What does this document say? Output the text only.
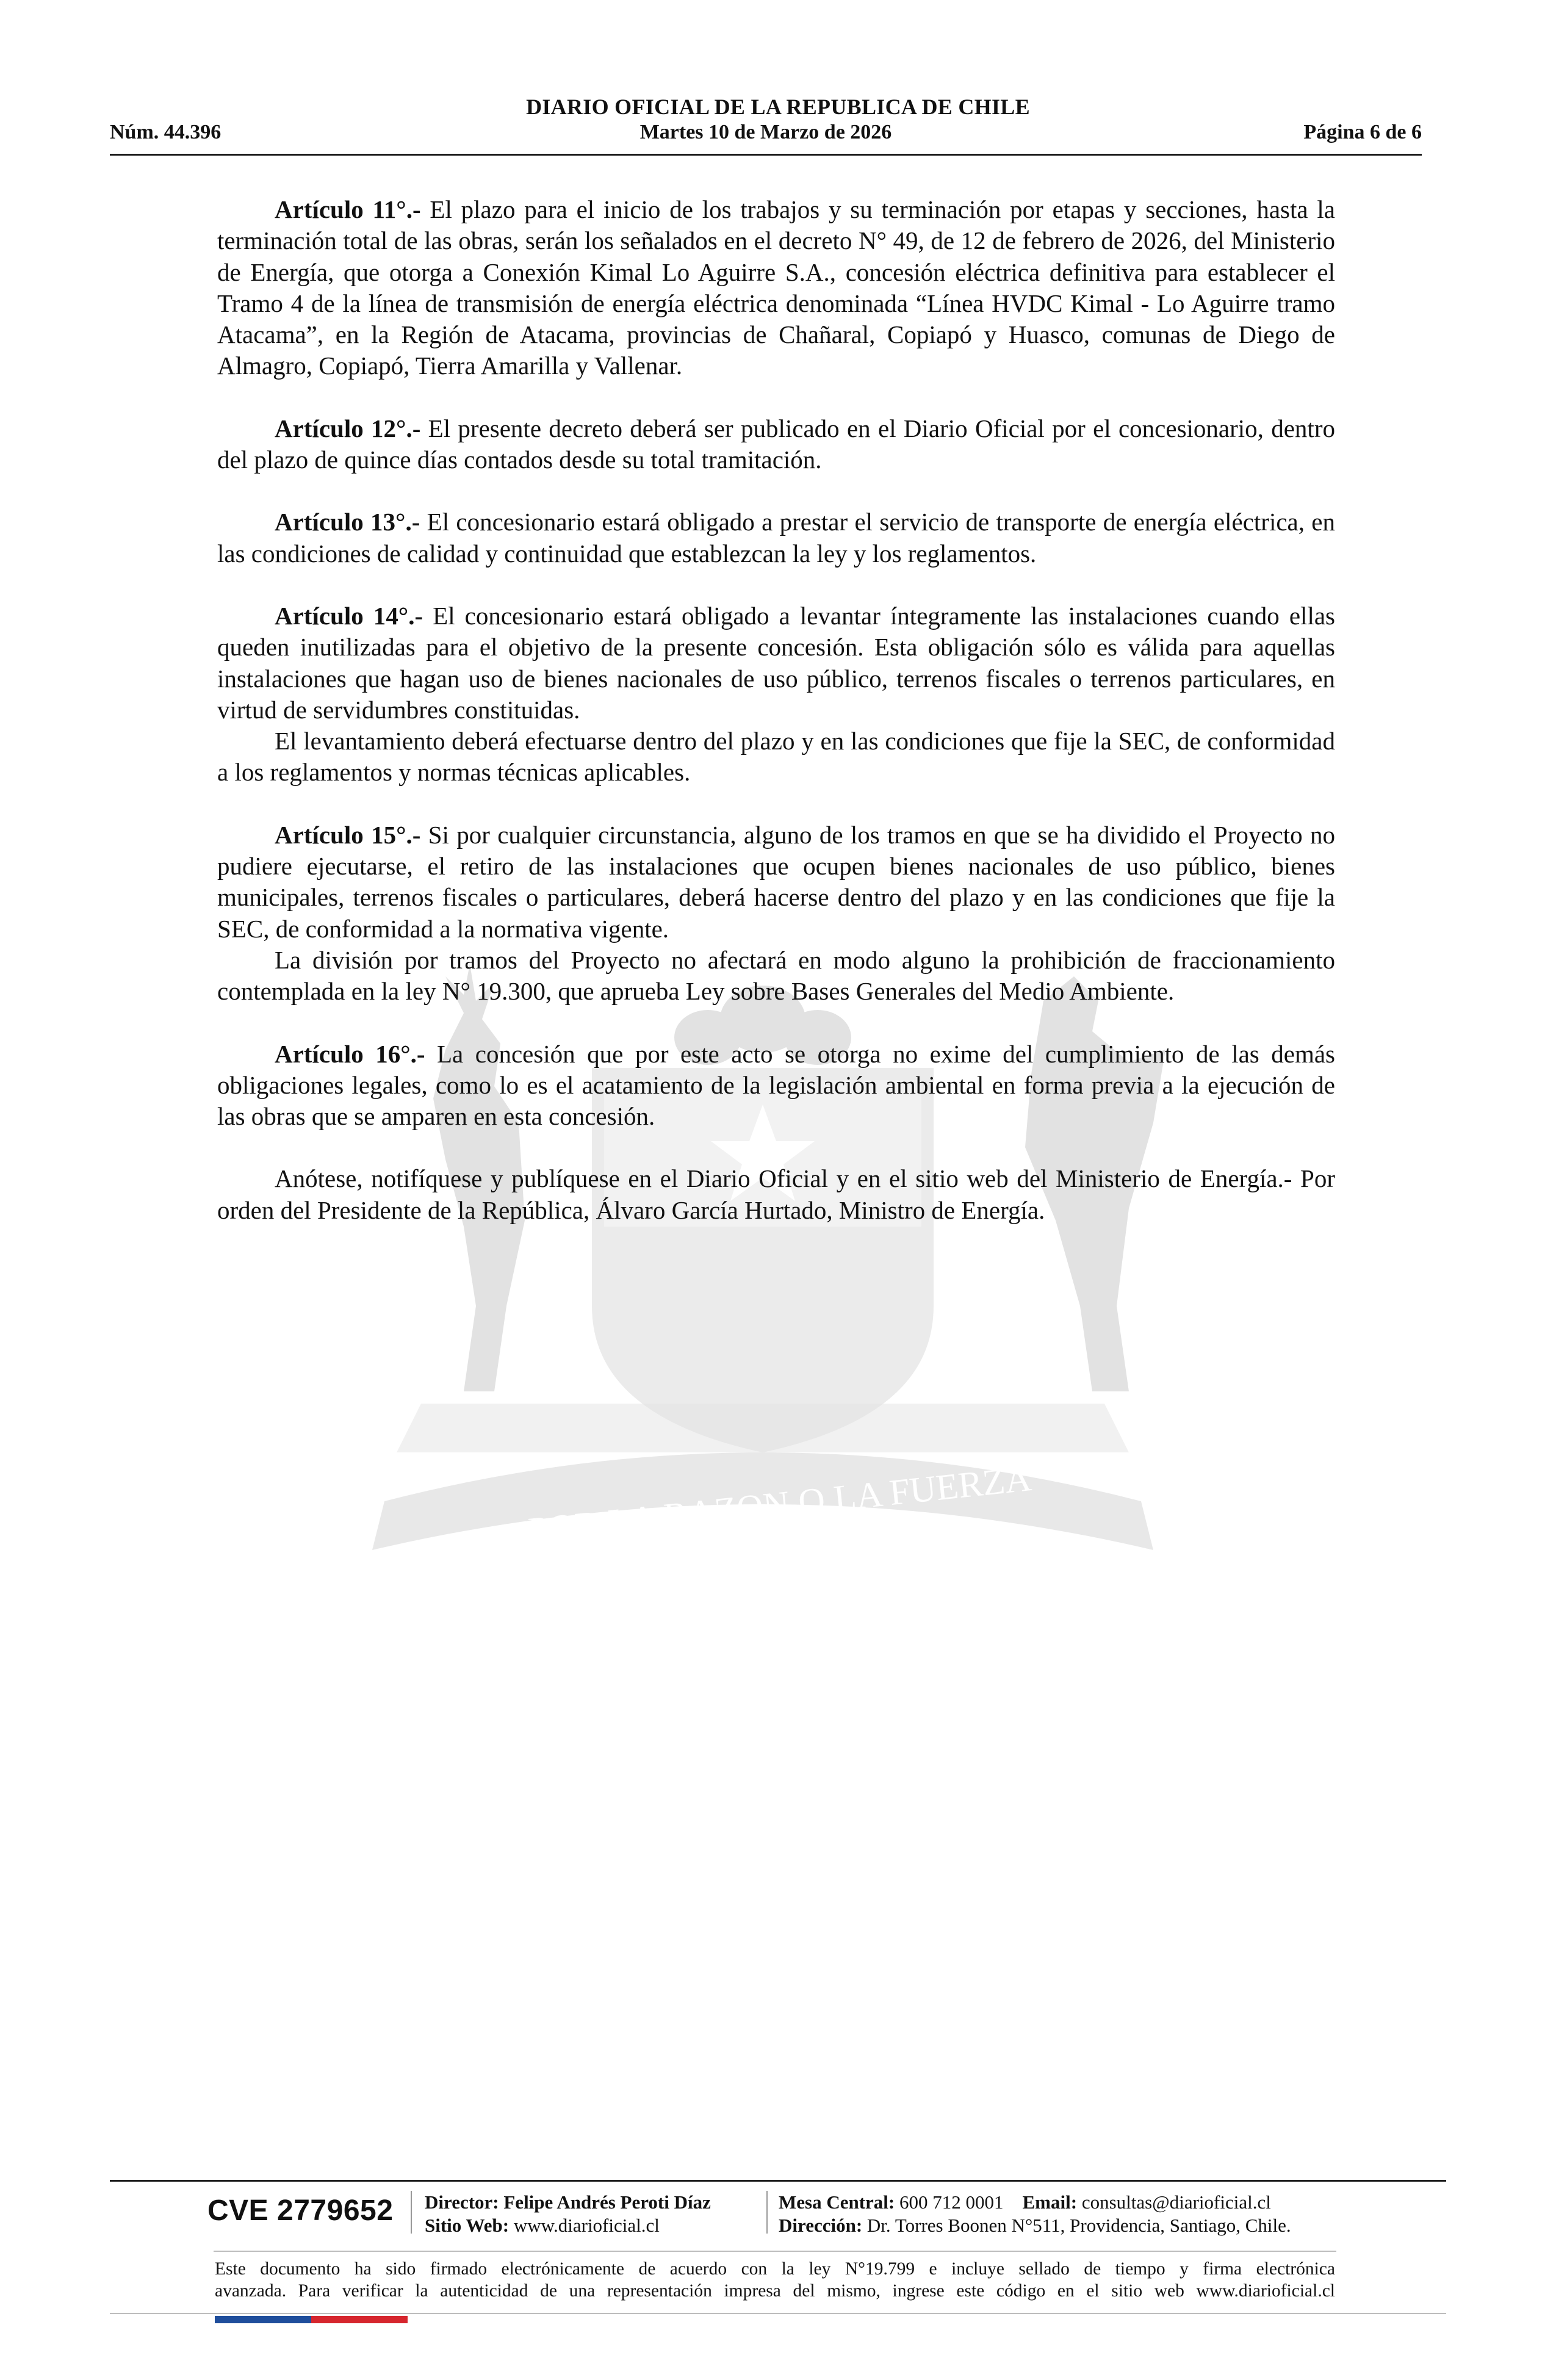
DIARIO OFICIAL DE LA REPUBLICA DE CHILE
Núm. 44.396	Martes 10 de Marzo de 2026	Página 6 de 6
POR LA RAZON O LA FUERZA

Artículo 11°.- El plazo para el inicio de los trabajos y su terminación por etapas y secciones, hasta la terminación total de las obras, serán los señalados en el decreto N° 49, de 12 de febrero de 2026, del Ministerio de Energía, que otorga a Conexión Kimal Lo Aguirre S.A., concesión eléctrica definitiva para establecer el Tramo 4 de la línea de transmisión de energía eléctrica denominada “Línea HVDC Kimal - Lo Aguirre tramo Atacama”, en la Región de Atacama, provincias de Chañaral, Copiapó y Huasco, comunas de Diego de Almagro, Copiapó, Tierra Amarilla y Vallenar.

Artículo 12°.- El presente decreto deberá ser publicado en el Diario Oficial por el concesionario, dentro del plazo de quince días contados desde su total tramitación.

Artículo 13°.- El concesionario estará obligado a prestar el servicio de transporte de energía eléctrica, en las condiciones de calidad y continuidad que establezcan la ley y los reglamentos.

Artículo 14°.- El concesionario estará obligado a levantar íntegramente las instalaciones cuando ellas queden inutilizadas para el objetivo de la presente concesión. Esta obligación sólo es válida para aquellas instalaciones que hagan uso de bienes nacionales de uso público, terrenos fiscales o terrenos particulares, en virtud de servidumbres constituidas.

El levantamiento deberá efectuarse dentro del plazo y en las condiciones que fije la SEC, de conformidad a los reglamentos y normas técnicas aplicables.

Artículo 15°.- Si por cualquier circunstancia, alguno de los tramos en que se ha dividido el Proyecto no pudiere ejecutarse, el retiro de las instalaciones que ocupen bienes nacionales de uso público, bienes municipales, terrenos fiscales o particulares, deberá hacerse dentro del plazo y en las condiciones que fije la SEC, de conformidad a la normativa vigente.

La división por tramos del Proyecto no afectará en modo alguno la prohibición de fraccionamiento contemplada en la ley N° 19.300, que aprueba Ley sobre Bases Generales del Medio Ambiente.

Artículo 16°.- La concesión que por este acto se otorga no exime del cumplimiento de las demás obligaciones legales, como lo es el acatamiento de la legislación ambiental en forma previa a la ejecución de las obras que se amparen en esta concesión.

Anótese, notifíquese y publíquese en el Diario Oficial y en el sitio web del Ministerio de Energía.- Por orden del Presidente de la República, Álvaro García Hurtado, Ministro de Energía.

CVE 2779652 Director: Felipe Andrés Peroti Díaz
Sitio Web: www.diarioficial.cl
Mesa Central: 600 712 0001 Email: consultas@diarioficial.cl
Dirección: Dr. Torres Boonen N°511, Providencia, Santiago, Chile.
Este documento ha sido firmado electrónicamente de acuerdo con la ley N°19.799 e incluye sellado de tiempo y firma electrónica
avanzada. Para verificar la autenticidad de una representación impresa del mismo, ingrese este código en el sitio web www.diarioficial.cl
